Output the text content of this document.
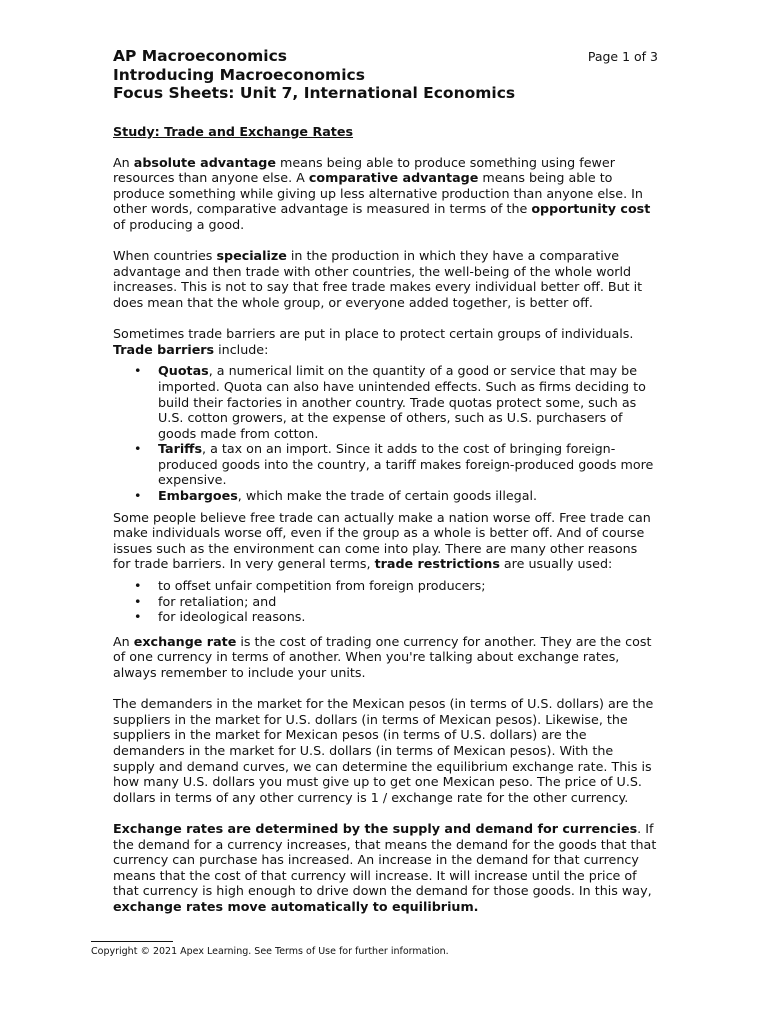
AP Macroeconomics
Introducing Macroeconomics
Focus Sheets: Unit 7, International Economics
Page 1 of 3
Study: Trade and Exchange Rates

An absolute advantage means being able to produce something using fewer resources than anyone else. A comparative advantage means being able to produce something while giving up less alternative production than anyone else. In other words, comparative advantage is measured in terms of the opportunity cost of producing a good.

When countries specialize in the production in which they have a comparative advantage and then trade with other countries, the well-being of the whole world increases. This is not to say that free trade makes every individual better off. But it does mean that the whole group, or everyone added together, is better off.

Sometimes trade barriers are put in place to protect certain groups of individuals.
Trade barriers include:

• Quotas, a numerical limit on the quantity of a good or service that may be imported. Quota can also have unintended effects. Such as firms deciding to build their factories in another country. Trade quotas protect some, such as U.S. cotton growers, at the expense of others, such as U.S. purchasers of goods made from cotton.
• Tariffs, a tax on an import. Since it adds to the cost of bringing foreign-produced goods into the country, a tariff makes foreign-produced goods more expensive.
• Embargoes, which make the trade of certain goods illegal.

Some people believe free trade can actually make a nation worse off. Free trade can make individuals worse off, even if the group as a whole is better off. And of course issues such as the environment can come into play. There are many other reasons for trade barriers. In very general terms, trade restrictions are usually used:

• to offset unfair competition from foreign producers;
• for retaliation; and
• for ideological reasons.

An exchange rate is the cost of trading one currency for another. They are the cost of one currency in terms of another. When you're talking about exchange rates, always remember to include your units.

The demanders in the market for the Mexican pesos (in terms of U.S. dollars) are the suppliers in the market for U.S. dollars (in terms of Mexican pesos). Likewise, the suppliers in the market for Mexican pesos (in terms of U.S. dollars) are the demanders in the market for U.S. dollars (in terms of Mexican pesos). With the supply and demand curves, we can determine the equilibrium exchange rate. This is how many U.S. dollars you must give up to get one Mexican peso. The price of U.S. dollars in terms of any other currency is 1 / exchange rate for the other currency.

Exchange rates are determined by the supply and demand for currencies. If the demand for a currency increases, that means the demand for the goods that that currency can purchase has increased. An increase in the demand for that currency means that the cost of that currency will increase. It will increase until the price of that currency is high enough to drive down the demand for those goods. In this way, exchange rates move automatically to equilibrium.

Copyright © 2021 Apex Learning. See Terms of Use for further information.
